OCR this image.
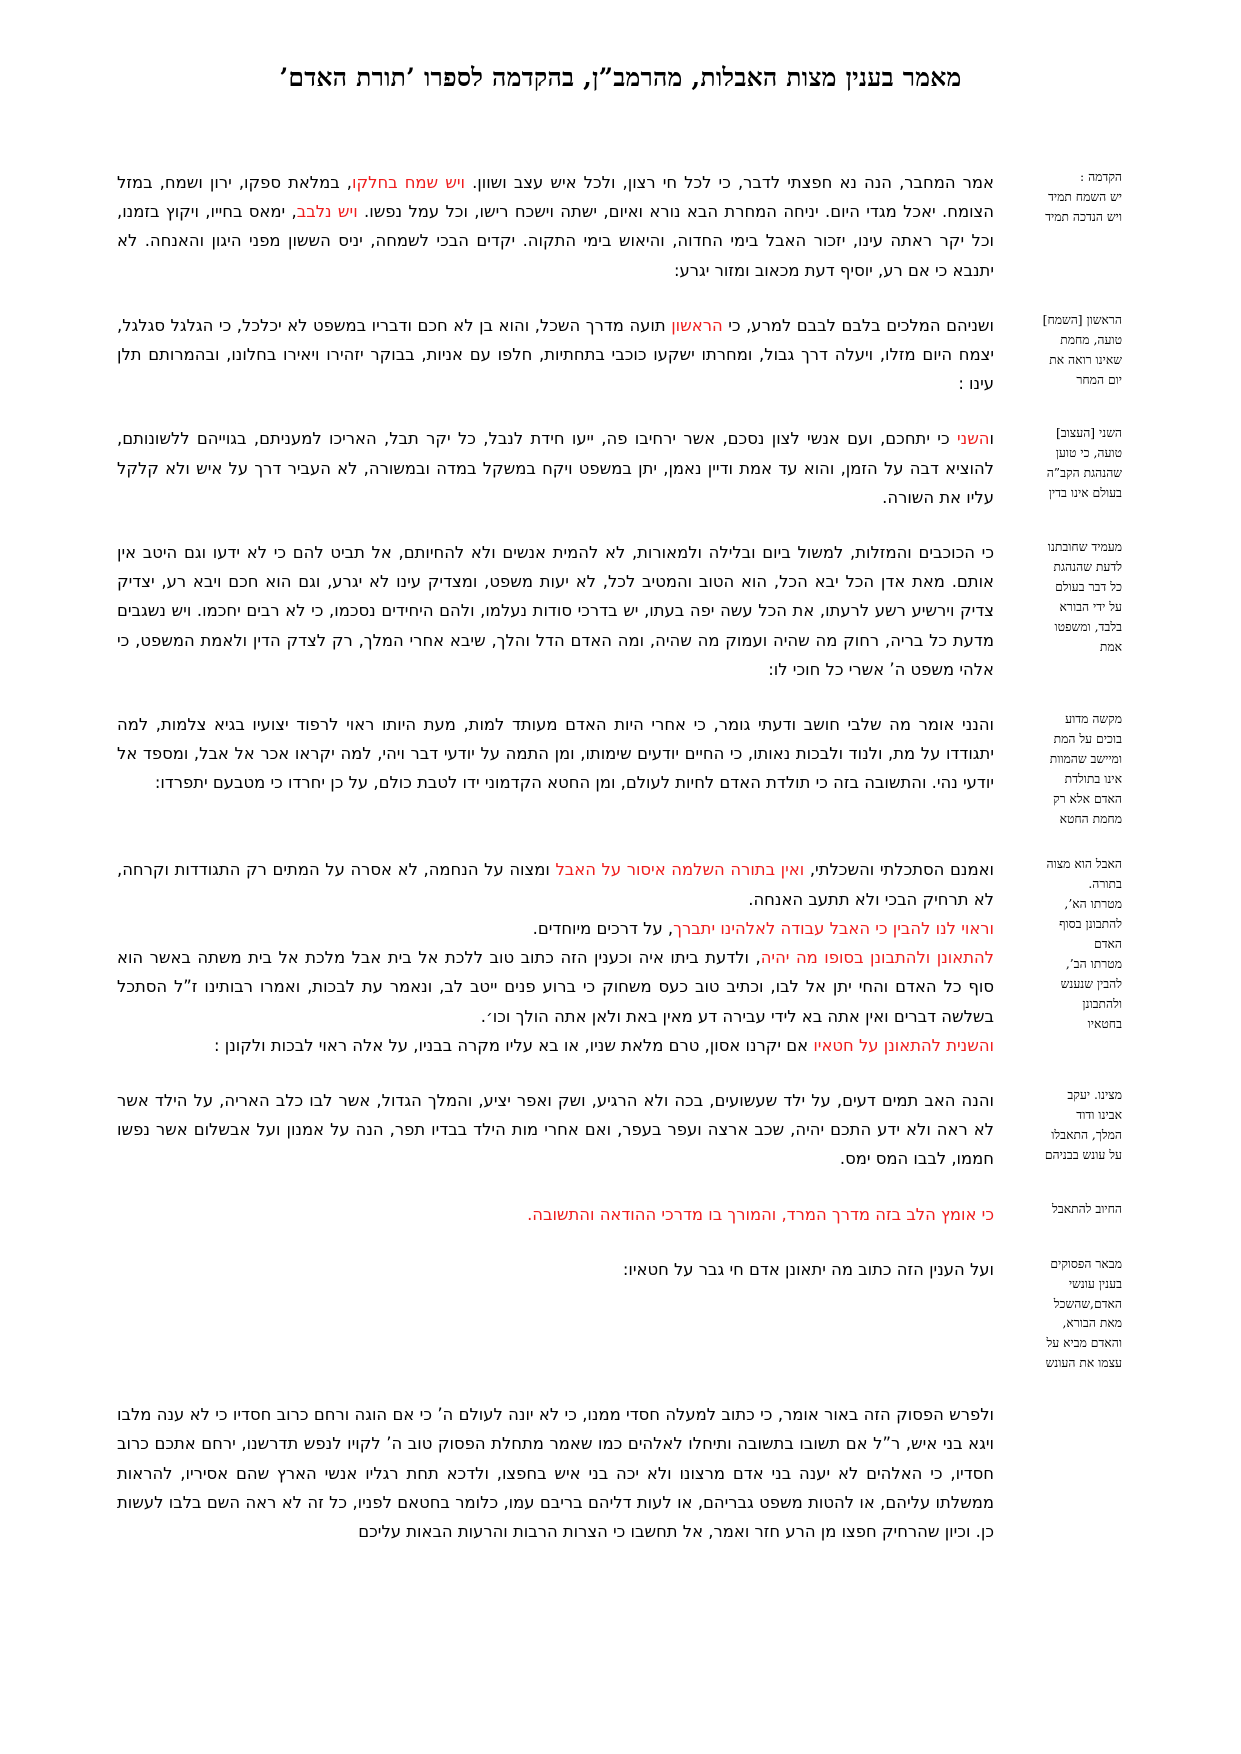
מאמר בענין מצות האבלות, מהרמב”ן, בהקדמה לספרו ’תורת האדם’
הקדמה :
יש השמח תמיד
ויש הנדכה תמיד
אמר המחבר, הנה נא חפצתי לדבר, כי לכל חי רצון, ולכל איש עצב ושוון. ויש שמח בחלקו, במלאת ספקו, ירון ושמח, במזל הצומח. יאכל מגדי היום. יניחה המחרת הבא נורא ואיום, ישתה וישכח רישו, וכל עמל נפשו. ויש נלבב, ימאס בחייו, ויקוץ בזמנו, וכל יקר ראתה עינו, יזכור האבל בימי החדוה, והיאוש בימי התקוה. יקדים הבכי לשמחה, יניס הששון מפני היגון והאנחה. לא יתנבא כי אם רע, יוסיף דעת מכאוב ומזור יגרע:
הראשון [השמח]
טועה, מחמת
שאינו רואה את
יום המחר
ושניהם המלכים בלבם לבבם למרע, כי הראשון תועה מדרך השכל, והוא בן לא חכם ודבריו במשפט לא יכלכל, כי הגלגל סגלגל, יצמח היום מזלו, ויעלה דרך גבול, ומחרתו ישקעו כוכבי בתחתיות, חלפו עם אניות, בבוקר יזהירו ויאירו בחלונו, ובהמרותם תלן עינו :
השני [העצוב]
טועה, כי טוען
שהנהגת הקב”ה
בעולם אינו בדין
והשני כי יתחכם, ועם אנשי לצון נסכם, אשר ירחיבו פה, ייעו חידת לנבל, כל יקר תבל, האריכו למעניתם, בגוייהם ללשונותם, להוציא דבה על הזמן, והוא עד אמת ודיין נאמן, יתן במשפט ויקח במשקל במדה ובמשורה, לא העביר דרך על איש ולא קלקל עליו את השורה.
מעמיד שחובתנו
לדעת שהנהגת
כל דבר בעולם
על ידי הבורא
בלבד, ומשפטו
אמת
כי הכוכבים והמזלות, למשול ביום ובלילה ולמאורות, לא להמית אנשים ולא להחיותם, אל תביט להם כי לא ידעו וגם היטב אין אותם. מאת אדן הכל יבא הכל, הוא הטוב והמטיב לכל, לא יעות משפט, ומצדיק עינו לא יגרע, וגם הוא חכם ויבא רע, יצדיק צדיק וירשיע רשע לרעתו, את הכל עשה יפה בעתו, יש בדרכי סודות נעלמו, ולהם היחידים נסכמו, כי לא רבים יחכמו. ויש נשגבים מדעת כל בריה, רחוק מה שהיה ועמוק מה שהיה, ומה האדם הדל והלך, שיבא אחרי המלך, רק לצדק הדין ולאמת המשפט, כי אלהי משפט ה’ אשרי כל חוכי לו:
מקשה מדוע
בוכים על המת
ומיישב שהמוות
אינו בתולדת
האדם אלא רק
מחמת החטא
והנני אומר מה שלבי חושב ודעתי גומר, כי אחרי היות האדם מעותד למות, מעת היותו ראוי לרפוד יצועיו בגיא צלמות, למה יתגודדו על מת, ולנוד ולבכות נאותו, כי החיים יודעים שימותו, ומן התמה על יודעי דבר ויהי, למה יקראו אכר אל אבל, ומספד אל יודעי נהי. והתשובה בזה כי תולדת האדם לחיות לעולם, ומן החטא הקדמוני ידו לטבת כולם, על כן יחרדו כי מטבעם יתפרדו:
האבל הוא מצוה
בתורה.
מטרתו הא’,
להתבונן בסוף
האדם
מטרתו הב’,
להבין שנענש
ולהתבונן
בחטאיו
ואמנם הסתכלתי והשכלתי, ואין בתורה השלמה איסור על האבל ומצוה על הנחמה, לא אסרה על המתים רק התגודדות וקרחה, לא תרחיק הבכי ולא תתעב האנחה.
וראוי לנו להבין כי האבל עבודה לאלהינו יתברך, על דרכים מיוחדים.
להתאונן ולהתבונן בסופו מה יהיה, ולדעת ביתו איה וכענין הזה כתוב טוב ללכת אל בית אבל מלכת אל בית משתה באשר הוא סוף כל האדם והחי יתן אל לבו, וכתיב טוב כעס משחוק כי ברוע פנים ייטב לב, ונאמר עת לבכות, ואמרו רבותינו ז”ל הסתכל בשלשה דברים ואין אתה בא לידי עבירה דע מאין באת ולאן אתה הולך וכו׳.
והשנית להתאונן על חטאיו אם יקרנו אסון, טרם מלאת שניו, או בא עליו מקרה בבניו, על אלה ראוי לבכות ולקונן :
מצינו. יעקב
אבינו ודוד
המלך, התאבלו
על עונש בבניהם
והנה האב תמים דעים, על ילד שעשועים, בכה ולא הרגיע, ושק ואפר יציע, והמלך הגדול, אשר לבו כלב האריה, על הילד אשר לא ראה ולא ידע התכם יהיה, שכב ארצה ועפר בעפר, ואם אחרי מות הילד בבדיו תפר, הנה על אמנון ועל אבשלום אשר נפשו חממו, לבבו המס ימס.
החיוב להתאבל
כי אומץ הלב בזה מדרך המרד, והמורך בו מדרכי ההודאה והתשובה.
מבאר הפסוקים
בענין עונשי
האדם,שהשכל
מאת הבורא,
והאדם מביא על
עצמו את העונש
ועל הענין הזה כתוב מה יתאונן אדם חי גבר על חטאיו:
ולפרש הפסוק הזה באור אומר, כי כתוב למעלה חסדי ממנו, כי לא יונה לעולם ה’ כי אם הוגה ורחם כרוב חסדיו כי לא ענה מלבו ויגא בני איש, ר”ל אם תשובו בתשובה ותיחלו לאלהים כמו שאמר מתחלת הפסוק טוב ה’ לקויו לנפש תדרשנו, ירחם אתכם כרוב חסדיו, כי האלהים לא יענה בני אדם מרצונו ולא יכה בני איש בחפצו, ולדכא תחת רגליו אנשי הארץ שהם אסיריו, להראות ממשלתו עליהם, או להטות משפט גבריהם, או לעות דליהם בריבם עמו, כלומר בחטאם לפניו, כל זה לא ראה השם בלבו לעשות כן. וכיון שהרחיק חפצו מן הרע חזר ואמר, אל תחשבו כי הצרות הרבות והרעות הבאות עליכם
